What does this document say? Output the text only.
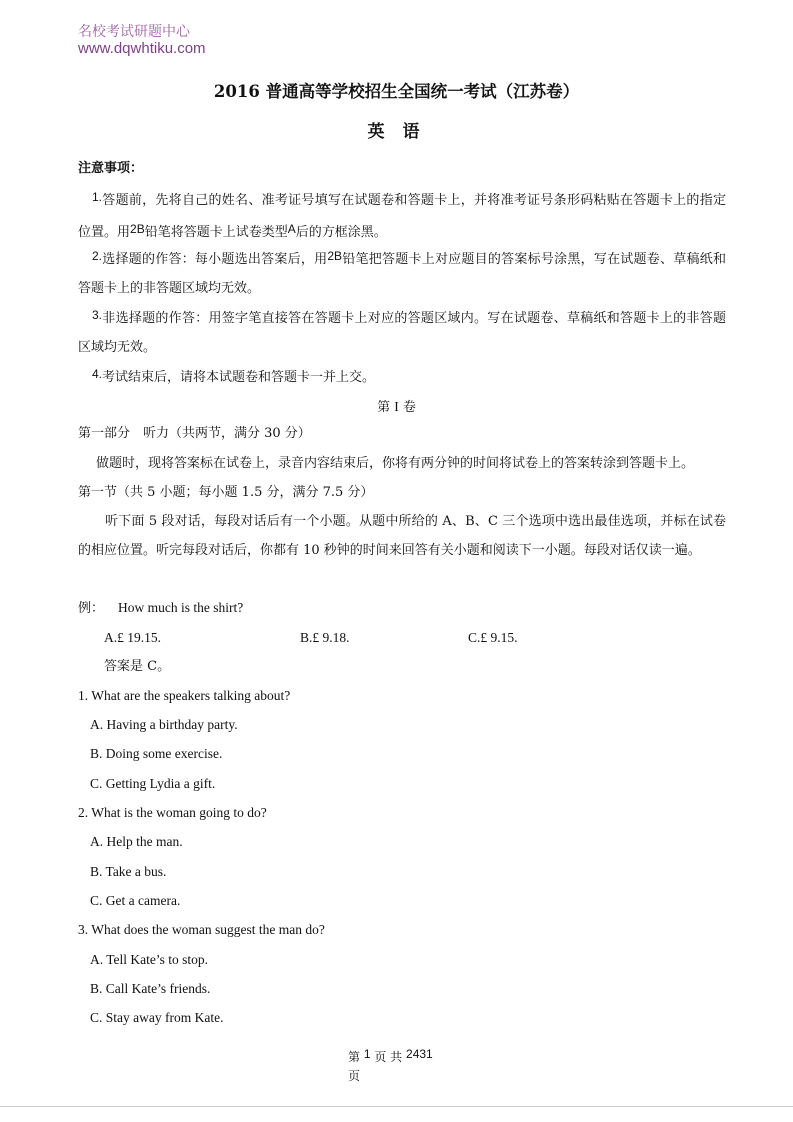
名校考试研题中心
www.dqwhtiku.com
2016 普通高等学校招生全国统一考试（江苏卷）
英 语
注意事项：
1.答题前，先将自己的姓名、准考证号填写在试题卷和答题卡上，并将准考证号条形码粘贴在答题卡上的指定位置。用2B铅笔将答题卡上试卷类型A后的方框涂黑。
2.选择题的作答：每小题选出答案后，用2B铅笔把答题卡上对应题目的答案标号涂黑，写在试题卷、草稿纸和答题卡上的非答题区域均无效。
3.非选择题的作答：用签字笔直接答在答题卡上对应的答题区域内。写在试题卷、草稿纸和答题卡上的非答题区域均无效。
4.考试结束后，请将本试题卷和答题卡一并上交。
第 I 卷
第一部分　听力（共两节，满分 30 分）
做题时，现将答案标在试卷上，录音内容结束后，你将有两分钟的时间将试卷上的答案转涂到答题卡上。
第一节（共 5 小题；每小题 1.5 分，满分 7.5 分）
听下面 5 段对话，每段对话后有一个小题。从题中所给的 A、B、C 三个选项中选出最佳选项，并标在试卷的相应位置。听完每段对话后，你都有 10 秒钟的时间来回答有关小题和阅读下一小题。每段对话仅读一遍。
例： How much is the shirt?
A.£ 19.15.	B.£ 9.18.	C.£ 9.15.
答案是 C。
1. What are the speakers talking about?
A. Having a birthday party.
B. Doing some exercise.
C. Getting Lydia a gift.
2. What is the woman going to do?
A. Help the man.
B. Take a bus.
C. Get a camera.
3. What does the woman suggest the man do?
A. Tell Kate’s to stop.
B. Call Kate’s friends.
C. Stay away from Kate.
第 1 页 共 2431
页
